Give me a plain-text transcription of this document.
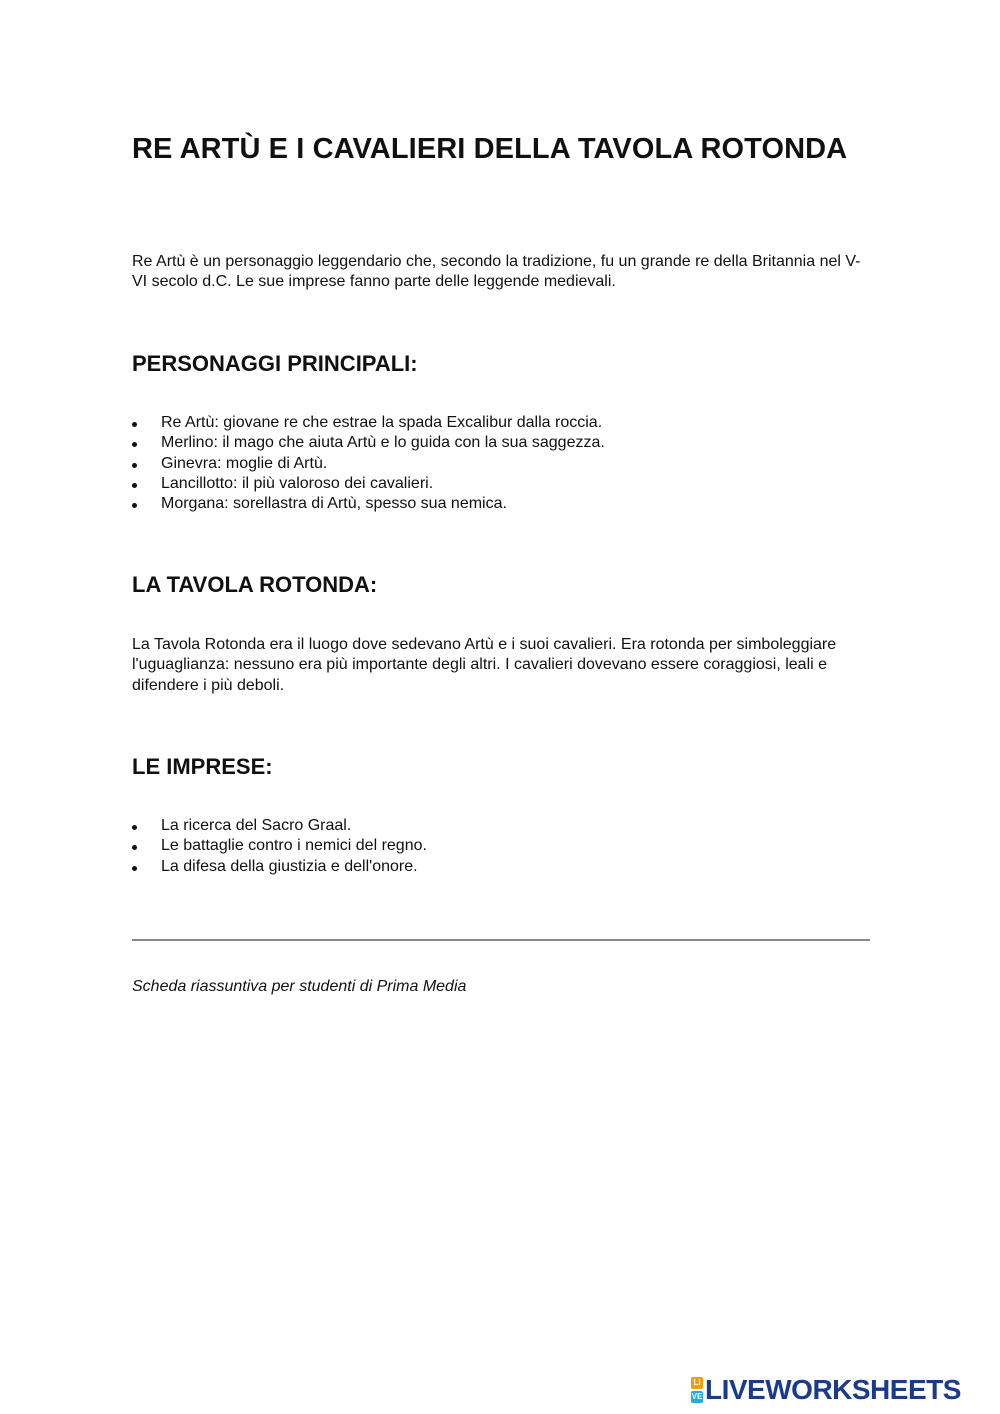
RE ARTÙ E I CAVALIERI DELLA TAVOLA ROTONDA

Re Artù è un personaggio leggendario che, secondo la tradizione, fu un grande re della Britannia nel V-VI secolo d.C. Le sue imprese fanno parte delle leggende medievali.

PERSONAGGI PRINCIPALI:
Re Artù: giovane re che estrae la spada Excalibur dalla roccia.
Merlino: il mago che aiuta Artù e lo guida con la sua saggezza.
Ginevra: moglie di Artù.
Lancillotto: il più valoroso dei cavalieri.
Morgana: sorellastra di Artù, spesso sua nemica.
LA TAVOLA ROTONDA:

La Tavola Rotonda era il luogo dove sedevano Artù e i suoi cavalieri. Era rotonda per simboleggiare l'uguaglianza: nessuno era più importante degli altri. I cavalieri dovevano essere coraggiosi, leali e difendere i più deboli.

LE IMPRESE:
La ricerca del Sacro Graal.
Le battaglie contro i nemici del regno.
La difesa della giustizia e dell'onore.

Scheda riassuntiva per studenti di Prima Media

LI
VE LIVEWORKSHEETS
